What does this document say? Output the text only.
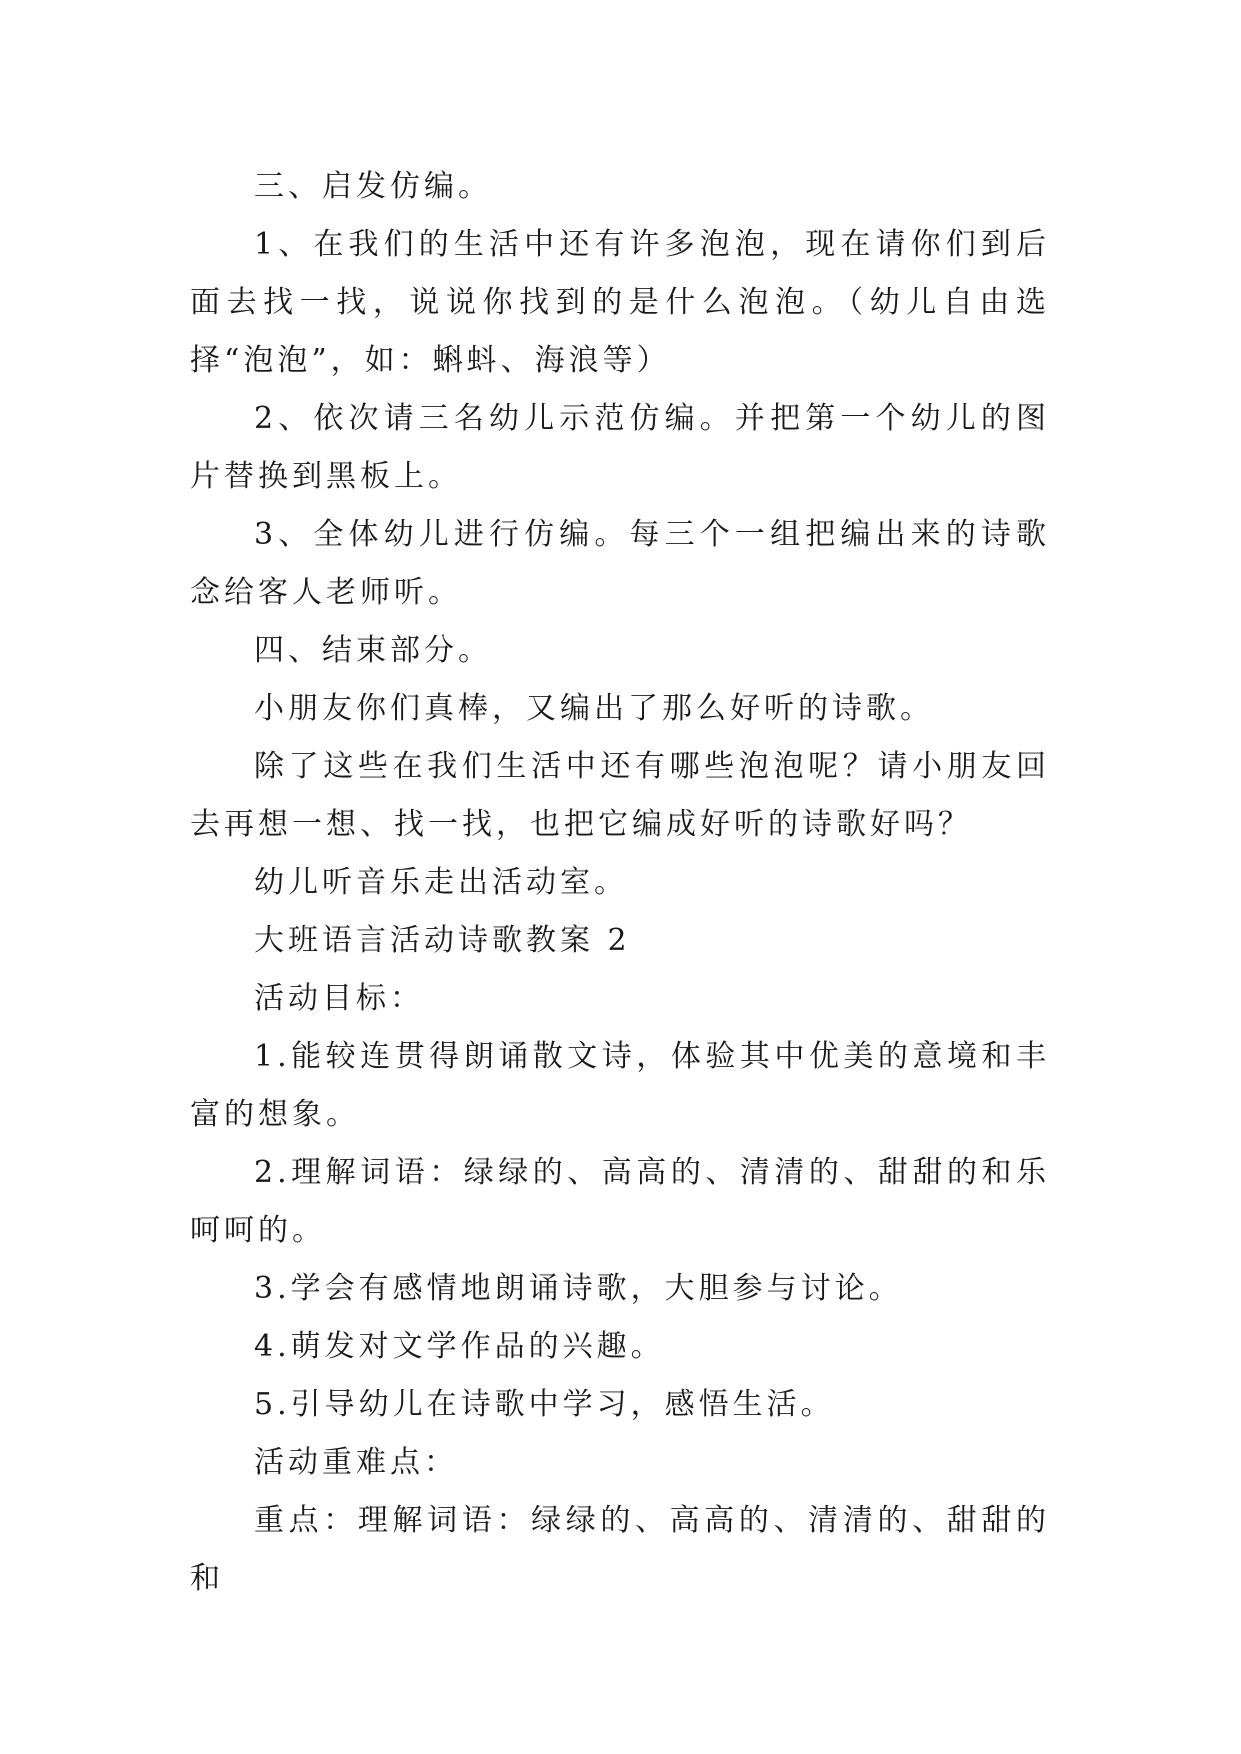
三、启发仿编。

1、在我们的生活中还有许多泡泡，现在请你们到后面去找一找，说说你找到的是什么泡泡。（幼儿自由选择“泡泡”，如：蝌蚪、海浪等）

2、依次请三名幼儿示范仿编。并把第一个幼儿的图片替换到黑板上。

3、全体幼儿进行仿编。每三个一组把编出来的诗歌念给客人老师听。

四、结束部分。

小朋友你们真棒，又编出了那么好听的诗歌。

除了这些在我们生活中还有哪些泡泡呢？请小朋友回去再想一想、找一找，也把它编成好听的诗歌好吗？

幼儿听音乐走出活动室。

大班语言活动诗歌教案 2

活动目标：

1.能较连贯得朗诵散文诗，体验其中优美的意境和丰富的想象。

2.理解词语：绿绿的、高高的、清清的、甜甜的和乐呵呵的。

3.学会有感情地朗诵诗歌，大胆参与讨论。

4.萌发对文学作品的兴趣。

5.引导幼儿在诗歌中学习，感悟生活。

活动重难点：

重点：理解词语：绿绿的、高高的、清清的、甜甜的和
